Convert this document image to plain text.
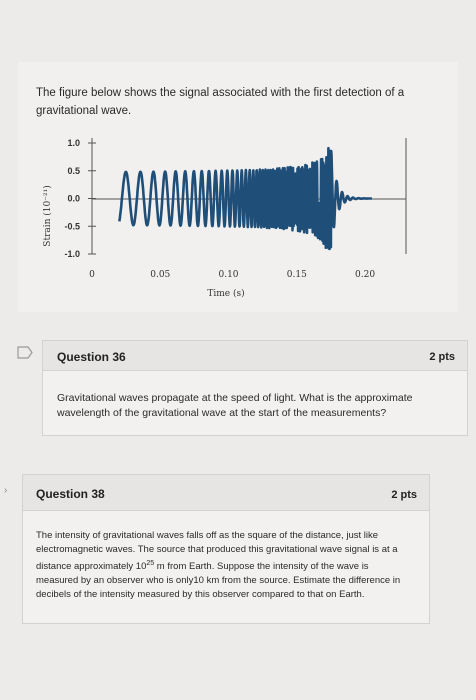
The figure below shows the signal associated with the first detection of a gravitational wave.
Strain (10⁻²¹)
1.0
0.5
0.0
-0.5
-1.0
0	0.05	0.10	0.15	0.20
Time (s)
Question 36	2 pts
Gravitational waves propagate at the speed of light. What is the approximate wavelength of the gravitational wave at the start of the measurements?
› Question 38	2 pts
The intensity of gravitational waves falls off as the square of the distance, just like
electromagnetic waves. The source that produced this gravitational wave signal is at a
distance approximately $10^{25}$ m from Earth. Suppose the intensity of the wave is
measured by an observer who is only10 km from the source. Estimate the difference in
decibels of the intensity measured by this observer compared to that on Earth.
